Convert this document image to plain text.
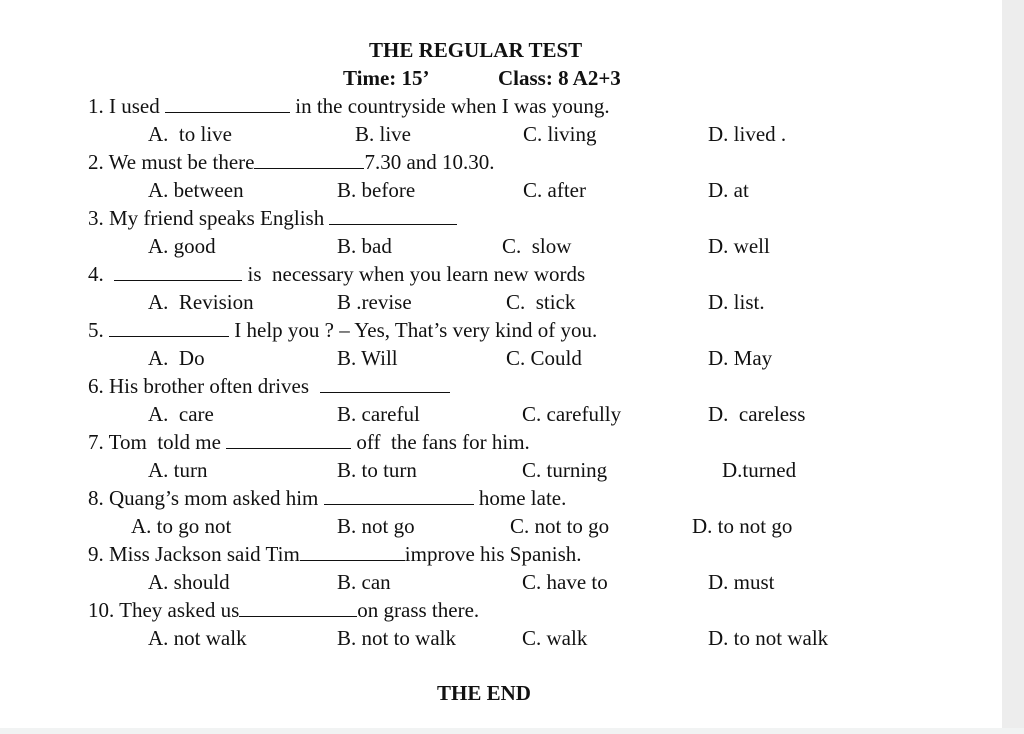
THE REGULAR TEST
Time: 15’	Class: 8 A2+3
1. I used	in the countryside when I was young.
A.  to live	B. live	C. living	D. lived .
2. We must be there	7.30 and 10.30.
A. between	B. before	C. after	D. at
3. My friend speaks English
A. good	B. bad	C.  slow	D. well
4.	is  necessary when you learn new words
A.  Revision	B .revise	C.  stick	D. list.
5.	I help you ? – Yes, That’s very kind of you.
A.  Do	B. Will	C. Could	D. May
6. His brother often drives
A.  care	B. careful	C. carefully	D.  careless
7. Tom  told me	off  the fans for him.
A. turn	B. to turn	C. turning	D.turned
8. Quang’s mom asked him	home late.
A. to go not	B. not go	C. not to go	D. to not go
9. Miss Jackson said Tim	improve his Spanish.
A. should	B. can	C. have to	D. must
10. They asked us	on grass there.
A. not walk	B. not to walk	C. walk	D. to not walk
THE END
